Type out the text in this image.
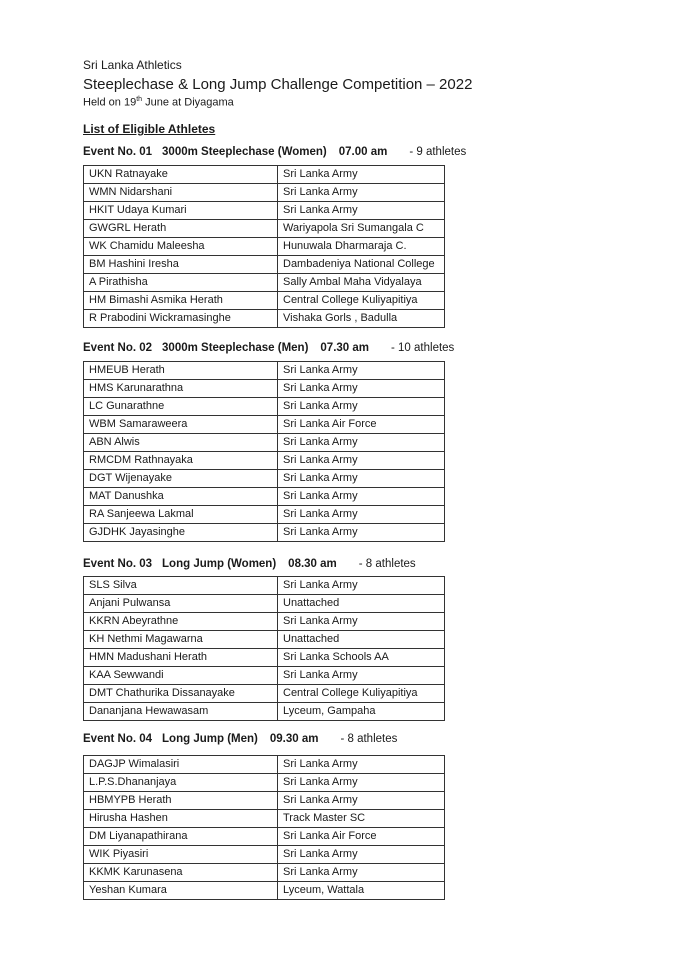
Sri Lanka Athletics
Steeplechase & Long Jump Challenge Competition – 2022
Held on 19th June at Diyagama
List of Eligible Athletes
Event No. 01 3000m Steeplechase (Women) 07.00 am - 9 athletes
UKN Ratnayake	Sri Lanka Army
WMN Nidarshani	Sri Lanka Army
HKIT Udaya Kumari	Sri Lanka Army
GWGRL Herath	Wariyapola Sri Sumangala C
WK Chamidu Maleesha	Hunuwala Dharmaraja C.
BM Hashini Iresha	Dambadeniya National College
A Pirathisha	Sally Ambal Maha Vidyalaya
HM Bimashi Asmika Herath	Central College Kuliyapitiya
R Prabodini Wickramasinghe	Vishaka Gorls , Badulla
Event No. 02 3000m Steeplechase (Men) 07.30 am - 10 athletes
HMEUB Herath	Sri Lanka Army
HMS Karunarathna	Sri Lanka Army
LC Gunarathne	Sri Lanka Army
WBM Samaraweera	Sri Lanka Air Force
ABN Alwis	Sri Lanka Army
RMCDM Rathnayaka	Sri Lanka Army
DGT Wijenayake	Sri Lanka Army
MAT Danushka	Sri Lanka Army
RA Sanjeewa Lakmal	Sri Lanka Army
GJDHK Jayasinghe	Sri Lanka Army
Event No. 03 Long Jump (Women) 08.30 am - 8 athletes
SLS Silva	Sri Lanka Army
Anjani Pulwansa	Unattached
KKRN Abeyrathne	Sri Lanka Army
KH Nethmi Magawarna	Unattached
HMN Madushani Herath	Sri Lanka Schools AA
KAA Sewwandi	Sri Lanka Army
DMT Chathurika Dissanayake	Central College Kuliyapitiya
Dananjana Hewawasam	Lyceum, Gampaha
Event No. 04 Long Jump (Men) 09.30 am - 8 athletes
DAGJP Wimalasiri	Sri Lanka Army
L.P.S.Dhananjaya	Sri Lanka Army
HBMYPB Herath	Sri Lanka Army
Hirusha Hashen	Track Master SC
DM Liyanapathirana	Sri Lanka Air Force
WIK Piyasiri	Sri Lanka Army
KKMK Karunasena	Sri Lanka Army
Yeshan Kumara	Lyceum, Wattala
